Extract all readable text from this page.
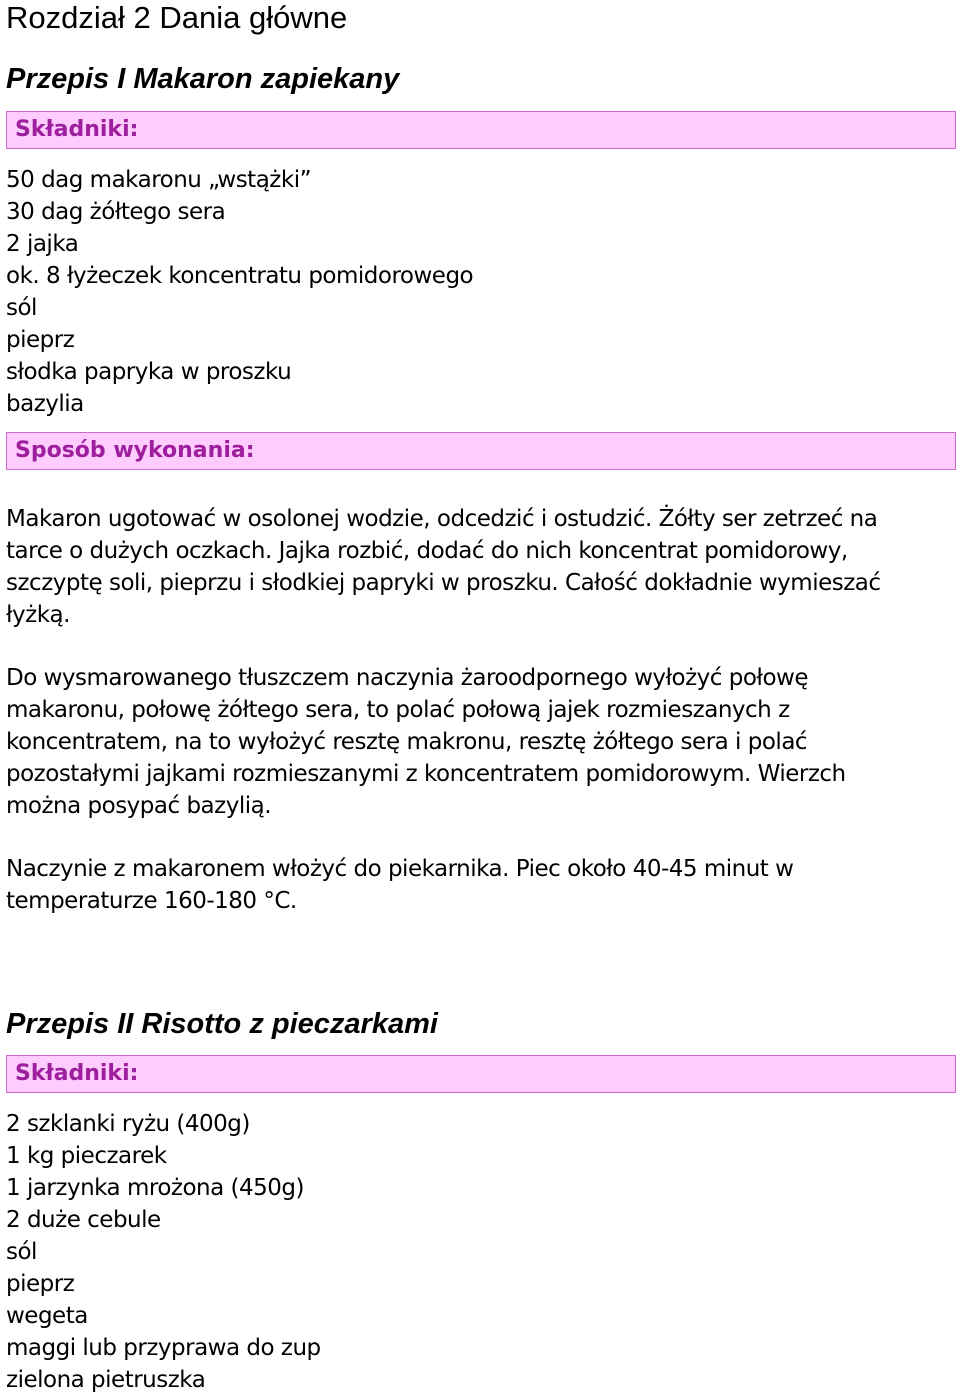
Rozdział 2 Dania główne
Przepis I Makaron zapiekany
Składniki:
50 dag makaronu „wstążki”
30 dag żółtego sera
2 jajka
ok. 8 łyżeczek koncentratu pomidorowego
sól
pieprz
słodka papryka w proszku
bazylia
Sposób wykonania:

Makaron ugotować w osolonej wodzie, odcedzić i ostudzić. Żółty ser zetrzeć na
tarce o dużych oczkach. Jajka rozbić, dodać do nich koncentrat pomidorowy,
szczyptę soli, pieprzu i słodkiej papryki w proszku. Całość dokładnie wymieszać
łyżką.

Do wysmarowanego tłuszczem naczynia żaroodpornego wyłożyć połowę
makaronu, połowę żółtego sera, to polać połową jajek rozmieszanych z
koncentratem, na to wyłożyć resztę makronu, resztę żółtego sera i polać
pozostałymi jajkami rozmieszanymi z koncentratem pomidorowym. Wierzch
można posypać bazylią.

Naczynie z makaronem włożyć do piekarnika. Piec około 40-45 minut w
temperaturze 160-180 °C.

Przepis II Risotto z pieczarkami
Składniki:
2 szklanki ryżu (400g)
1 kg pieczarek
1 jarzynka mrożona (450g)
2 duże cebule
sól
pieprz
wegeta
maggi lub przyprawa do zup
zielona pietruszka
